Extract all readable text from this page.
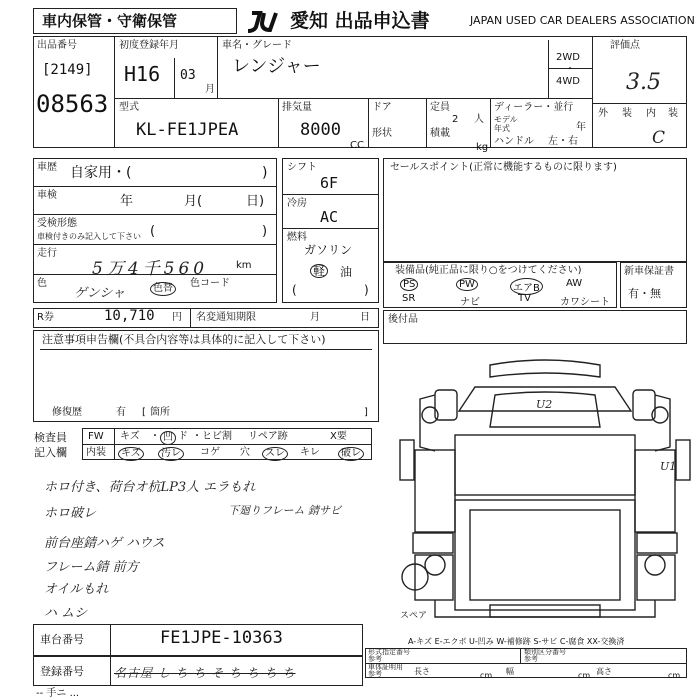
車内保管・守衛保管	愛知 出品申込書	JAPAN USED CAR DEALERS ASSOCIATION
出品番号
[2149]
08563
初度登録年月
H16 03
月
車名・グレード
レンジャー	2WD
・
4WD
評価点
3.5
外 装 内 装
C
型式
KL-FE1JPEA
排気量
8000
CC
ドア
形状
定員
2 人
積載
kg
ディーラー・並行
モデル
年式	年
ハンドル 左・右
車歴 自家用・(	)
車検	年	月(	日)
受検形態
車検付きのみ記入して下さい (	)
走行
5万4千560	km
色
ゲンシャ	色替	色コード
シフト
6F
冷房
AC
燃料
ガソリン
軽 油
(	)
セールスポイント(正常に機能するものに限ります)
装備品(純正品に限り○をつけてください)
PS	PW	エアB	AW
SR	ナビ	TV	カワシート
新車保証書
有・無
R券	10,710 円 名変通知期限	月	日 後付品
注意事項申告欄(不具合内容等は具体的に記入して下さい)
修復歴	有 [ 箇所	]
検査員
記入欄
FW キズ ・ 凹 ド ・ ヒビ割 リペア跡	X要
内装	キズ	汚レ	コゲ 穴	スレ	キレ	破レ
ホロ付き、荷台オ杭LP3人 エラもれ
下廻りフレーム 錆サビ
ホロ破レ
前台座錆ハゲ ハウス
フレーム錆 前方
オイルもれ
ハ ムシ
U2
U1
スペア
A-キズ E-エクボ U-凹み W-補修跡 S-サビ C-腐食 XX-交換済
車台番号	FE1JPE-10363
登録番号	名古屋 し ち ち そ ち ち ち ち
形式指定番号
参考
類別区分番号
参考
車体証明用
参考	長さ	cm 幅	cm 高さ	cm
-- 手ニ ...
